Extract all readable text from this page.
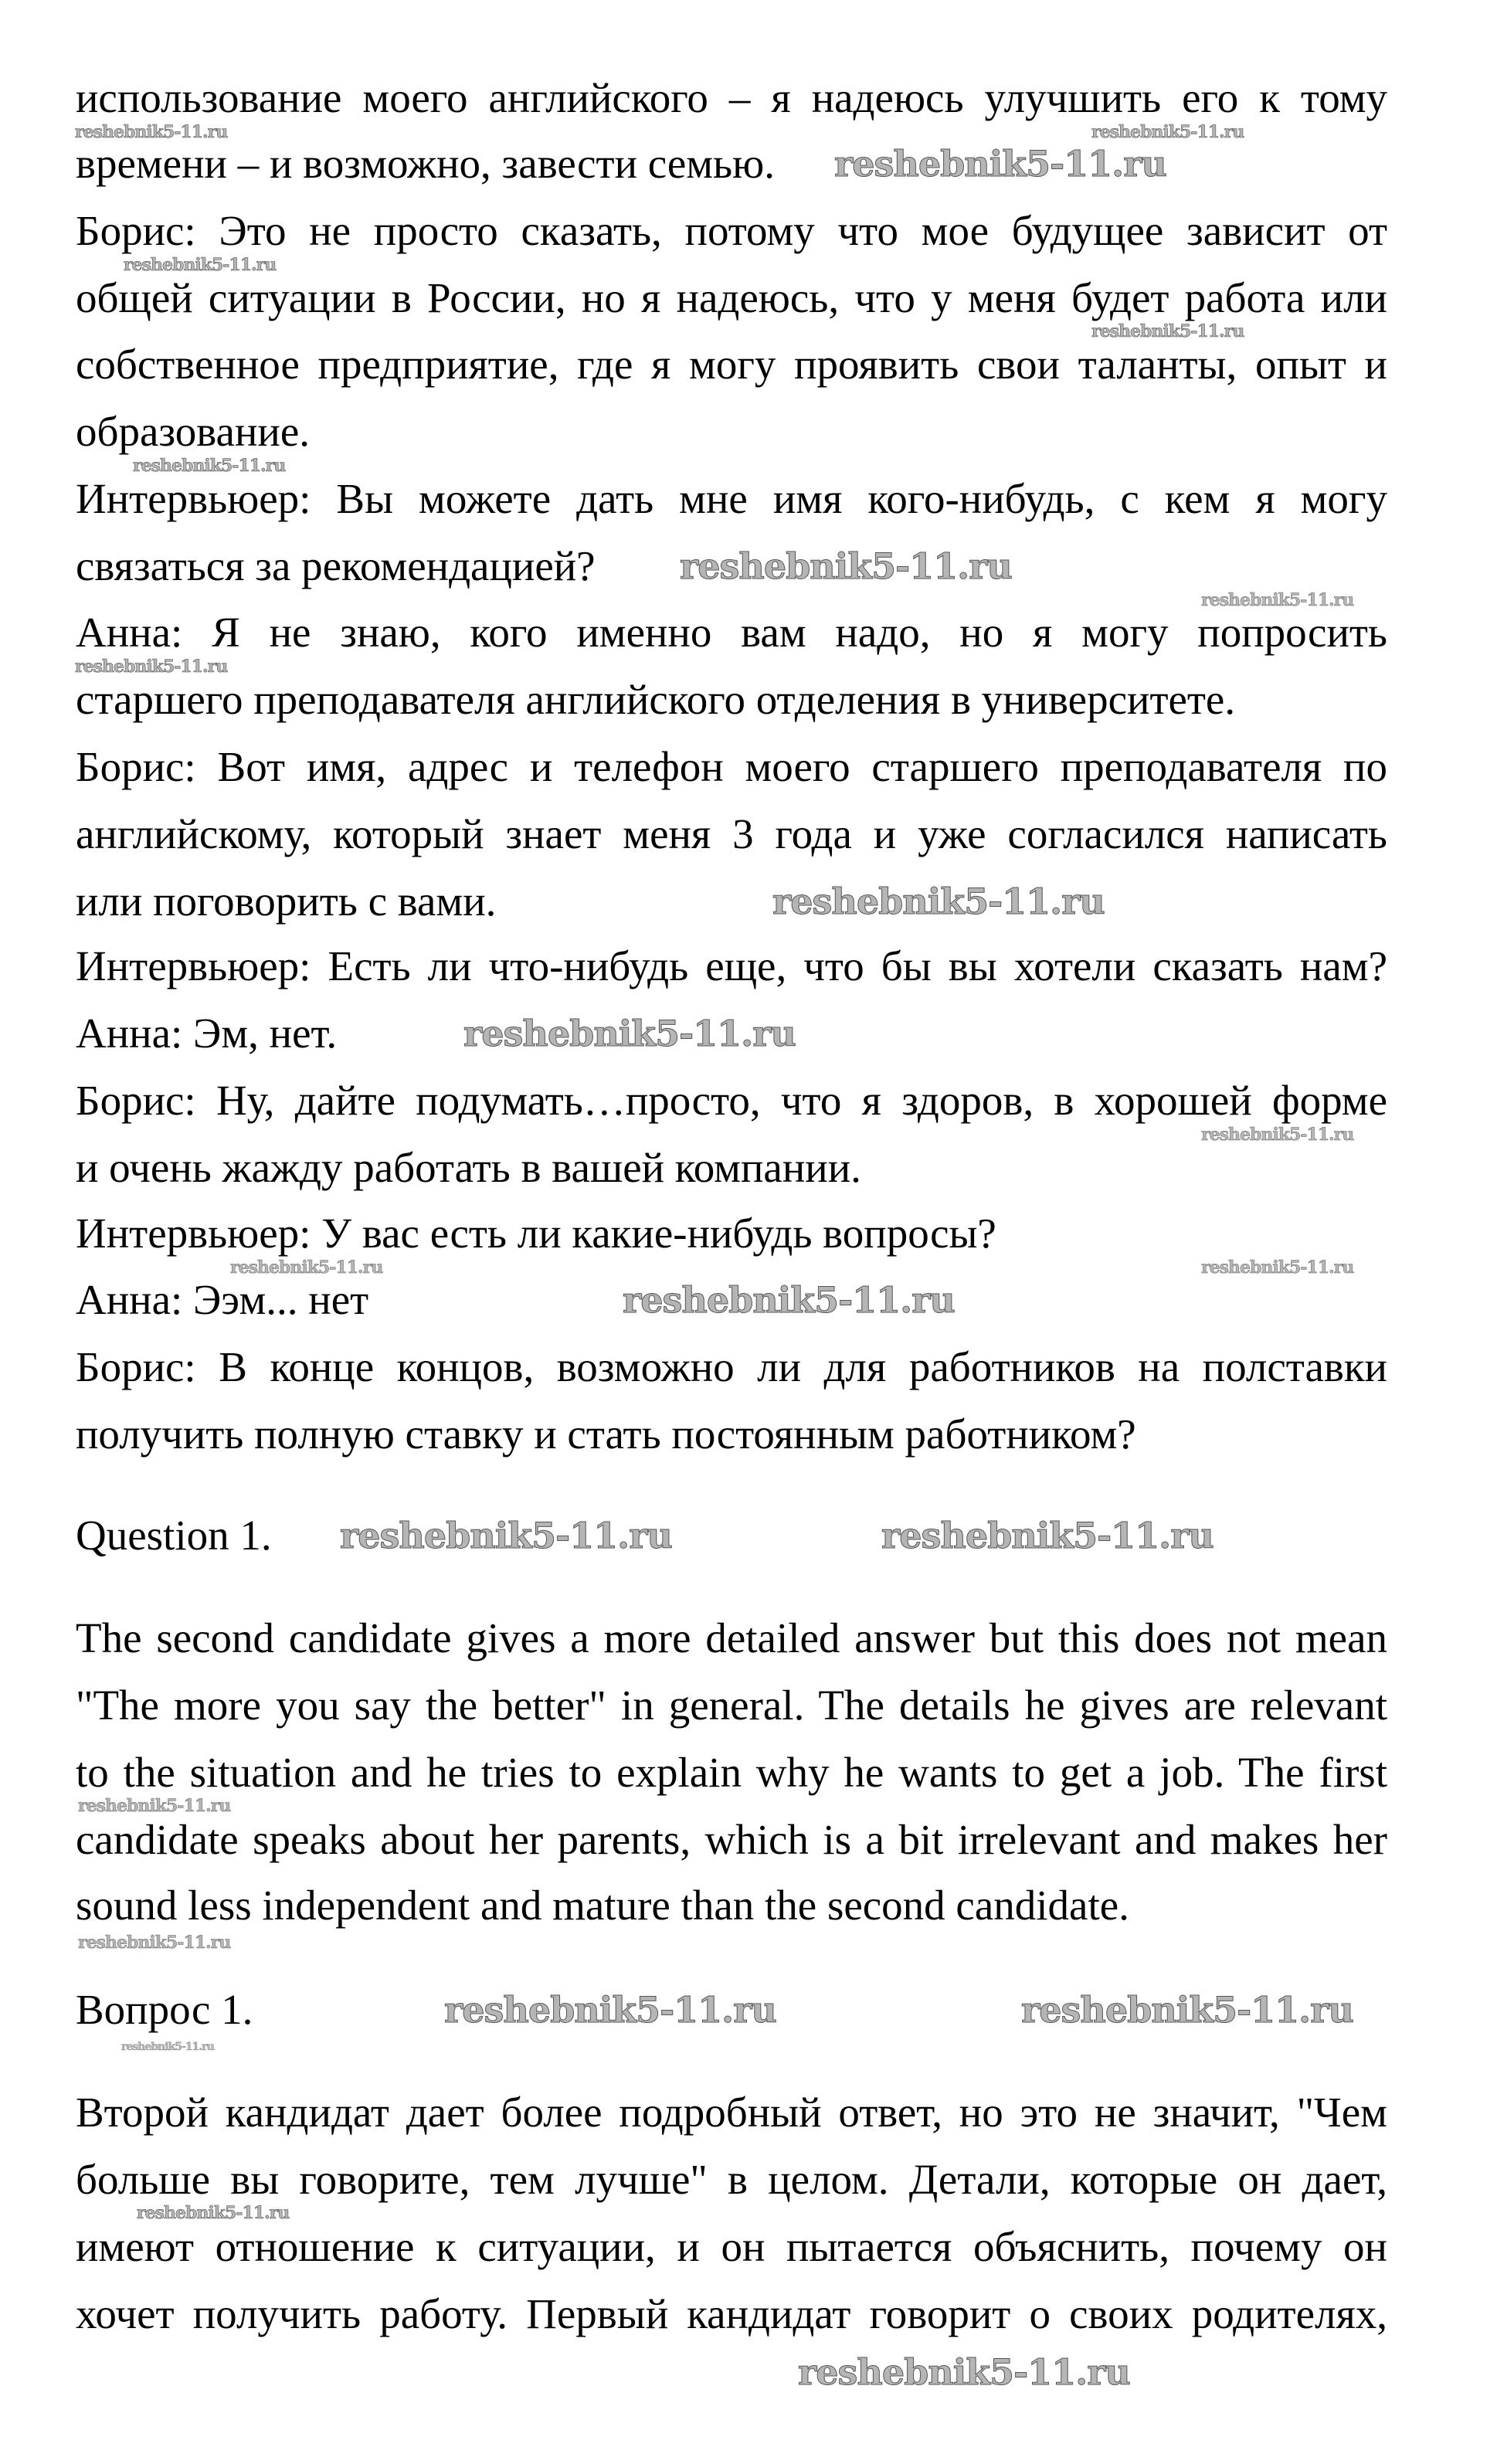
использование моего английского – я надеюсь улучшить его к тому
времени – и возможно, завести семью.
Борис: Это не просто сказать, потому что мое будущее зависит от
общей ситуации в России, но я надеюсь, что у меня будет работа или
собственное предприятие, где я могу проявить свои таланты, опыт и
образование.
Интервьюер: Вы можете дать мне имя кого-нибудь, с кем я могу
связаться за рекомендацией?
Анна: Я не знаю, кого именно вам надо, но я могу попросить
старшего преподавателя английского отделения в университете.
Борис: Вот имя, адрес и телефон моего старшего преподавателя по
английскому, который знает меня 3 года и уже согласился написать
или поговорить с вами.
Интервьюер: Есть ли что-нибудь еще, что бы вы хотели сказать нам?
Анна: Эм, нет.
Борис: Ну, дайте подумать…просто, что я здоров, в хорошей форме
и очень жажду работать в вашей компании.
Интервьюер: У вас есть ли какие-нибудь вопросы?
Анна: Ээм... нет
Борис: В конце концов, возможно ли для работников на полставки
получить полную ставку и стать постоянным работником?
Question 1.
The second candidate gives a more detailed answer but this does not mean
"The more you say the better" in general. The details he gives are relevant
to the situation and he tries to explain why he wants to get a job. The first
candidate speaks about her parents, which is a bit irrelevant and makes her
sound less independent and mature than the second candidate.
Вопрос 1.
Второй кандидат дает более подробный ответ, но это не значит, "Чем
больше вы говорите, тем лучше" в целом. Детали, которые он дает,
имеют отношение к ситуации, и он пытается объяснить, почему он
хочет получить работу. Первый кандидат говорит о своих родителях,
reshebnik5-11.ru	reshebnik5-11.ru
reshebnik5-11.ru
reshebnik5-11.ru
reshebnik5-11.ru
reshebnik5-11.ru
reshebnik5-11.ru
reshebnik5-11.ru
reshebnik5-11.ru
reshebnik5-11.ru
reshebnik5-11.ru
reshebnik5-11.ru
reshebnik5-11.ru
reshebnik5-11.ru
reshebnik5-11.ru
reshebnik5-11.ru	reshebnik5-11.ru
reshebnik5-11.ru
reshebnik5-11.ru
reshebnik5-11.ru	reshebnik5-11.ru
reshebnik5-11.ru
reshebnik5-11.ru
reshebnik5-11.ru
